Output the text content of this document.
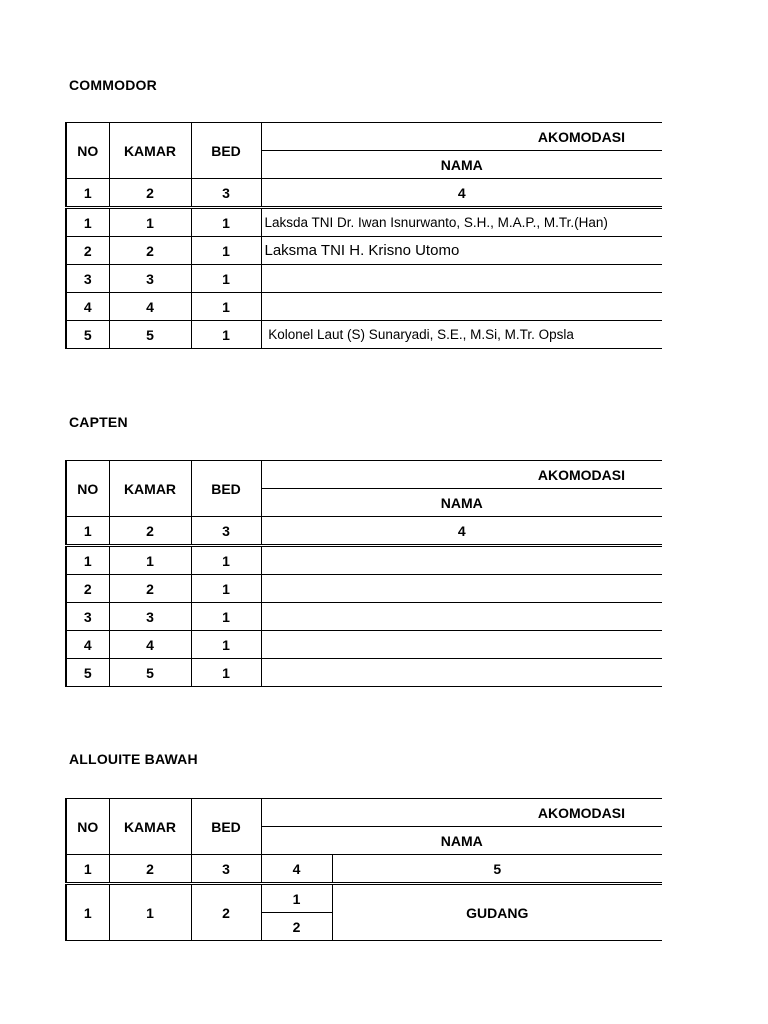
COMMODOR
NO	KAMAR	BED	AKOMODASI
			NAMA
1	2	3	4
1	1	1	Laksda TNI Dr. Iwan Isnurwanto, S.H., M.A.P., M.Tr.(Han)
2	2	1	Laksma TNI H. Krisno Utomo
3	3	1	
4	4	1	
5	5	1	Kolonel Laut (S) Sunaryadi, S.E., M.Si, M.Tr. Opsla
CAPTEN
NO	KAMAR	BED	AKOMODASI
			NAMA
1	2	3	4
1	1	1	
2	2	1	
3	3	1	
4	4	1	
5	5	1	
ALLOUITE BAWAH
NO	KAMAR	BED	AKOMODASI	
			NAMA	
1	2	3	4	5
1	1	2	1	GUDANG
			2	
